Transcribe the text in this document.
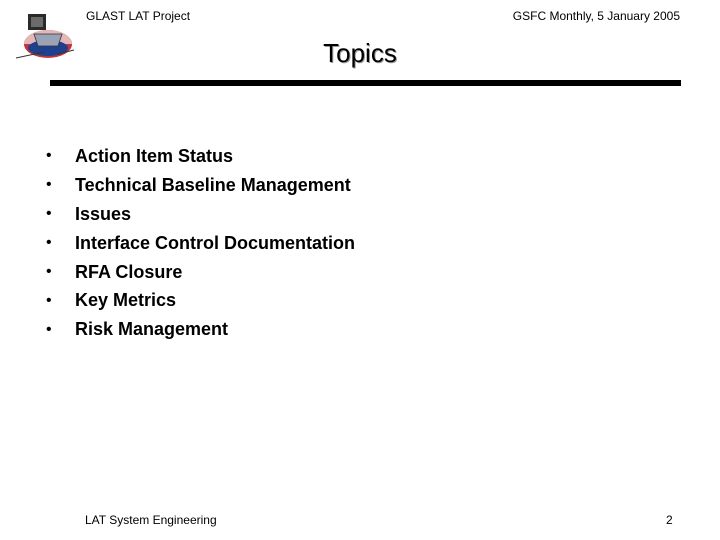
GLAST LAT Project	GSFC Monthly, 5 January 2005
Topics
•	Action Item Status
•	Technical Baseline Management
•	Issues
•	Interface Control Documentation
•	RFA Closure
•	Key Metrics
•	Risk Management
LAT System Engineering	2
